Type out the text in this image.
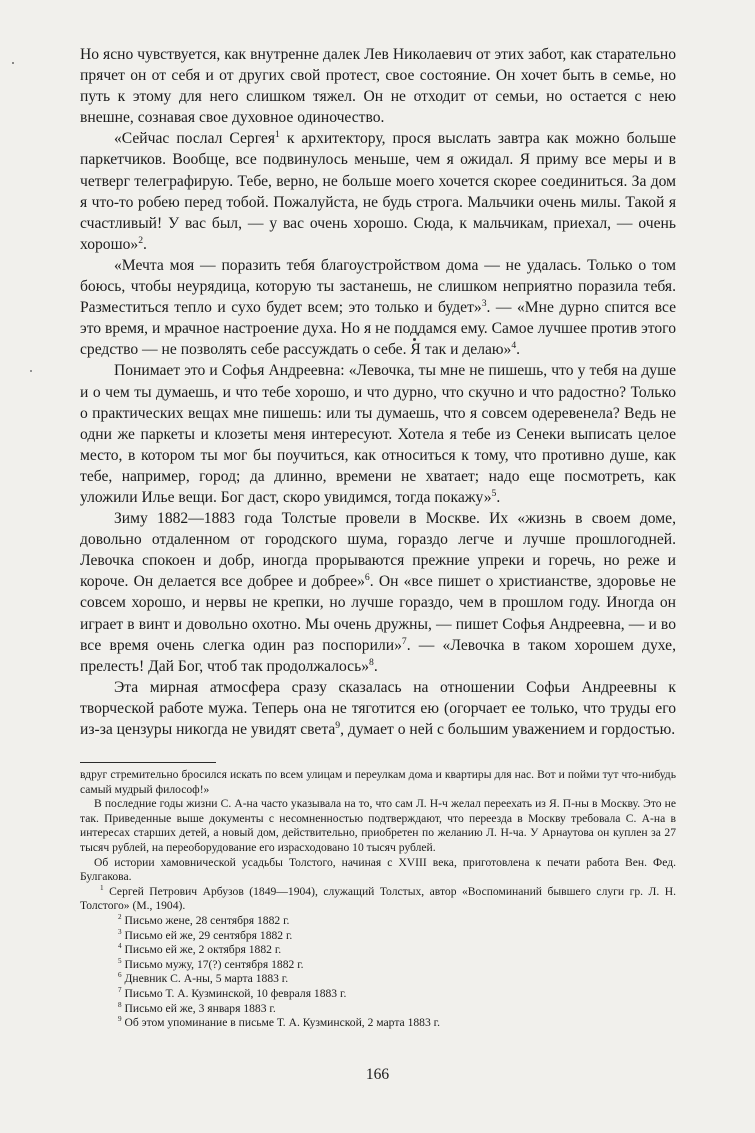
Но ясно чувствуется, как внутренне далек Лев Николаевич от этих забот, как старательно прячет он от себя и от других свой протест, свое состояние. Он хочет быть в семье, но путь к этому для него слишком тяжел. Он не отходит от семьи, но остается с нею внешне, сознавая свое духовное одиночество.

«Сейчас послал Сергея$^1$ к архитектору, прося выслать завтра как можно больше паркетчиков. Вообще, все подвинулось меньше, чем я ожидал. Я приму все меры и в четверг телеграфирую. Тебе, верно, не больше моего хочется скорее соединиться. За дом я что-то робею перед тобой. Пожалуйста, не будь строга. Мальчики очень милы. Такой я счастливый! У вас был, — у вас очень хорошо. Сюда, к мальчикам, приехал, — очень хорошо»$^2$.

«Мечта моя — поразить тебя благоустройством дома — не удалась. Только о том боюсь, чтобы неурядица, которую ты застанешь, не слишком неприятно поразила тебя. Разместиться тепло и сухо будет всем; это только и будет»$^3$. — «Мне дурно спится все это время, и мрачное настроение духа. Но я не поддамся ему. Самое лучшее против этого средство — не позволять себе рассуждать о себе. Я так и делаю»$^4$.

Понимает это и Софья Андреевна: «Левочка, ты мне не пишешь, что у тебя на душе и о чем ты думаешь, и что тебе хорошо, и что дурно, что скучно и что радостно? Только о практических вещах мне пишешь: или ты думаешь, что я совсем одеревенела? Ведь не одни же паркеты и клозеты меня интересуют. Хотела я тебе из Сенеки выписать целое место, в котором ты мог бы поучиться, как относиться к тому, что противно душе, как тебе, например, город; да длинно, времени не хватает; надо еще посмотреть, как уложили Илье вещи. Бог даст, скоро увидимся, тогда покажу»$^5$.

Зиму 1882—1883 года Толстые провели в Москве. Их «жизнь в своем доме, довольно отдаленном от городского шума, гораздо легче и лучше прошлогодней. Левочка спокоен и добр, иногда прорываются прежние упреки и горечь, но реже и короче. Он делается все добрее и добрее»$^6$. Он «все пишет о христианстве, здоровье не совсем хорошо, и нервы не крепки, но лучше гораздо, чем в прошлом году. Иногда он играет в винт и довольно охотно. Мы очень дружны, — пишет Софья Андреевна, — и во все время очень слегка один раз поспорили»$^7$. — «Левочка в таком хорошем духе, прелесть! Дай Бог, чтоб так продолжалось»$^8$.

Эта мирная атмосфера сразу сказалась на отношении Софьи Андреевны к творческой работе мужа. Теперь она не тяготится ею (огорчает ее только, что труды его из-за цензуры никогда не увидят света$^9$, думает о ней с большим уважением и гордостью.

вдруг стремительно бросился искать по всем улицам и переулкам дома и квартиры для нас. Вот и пойми тут что-нибудь самый мудрый философ!»

В последние годы жизни С. А-на часто указывала на то, что сам Л. Н-ч желал переехать из Я. П-ны в Москву. Это не так. Приведенные выше документы с несомненностью подтверждают, что переезда в Москву требовала С. А-на в интересах старших детей, а новый дом, действительно, приобретен по желанию Л. Н-ча. У Арнаутова он куплен за 27 тысяч рублей, на переоборудование его израсходовано 10 тысяч рублей.

Об истории хамовнической усадьбы Толстого, начиная с XVIII века, приготовлена к печати работа Вен. Фед. Булгакова.

$^1$ Сергей Петрович Арбузов (1849—1904), служащий Толстых, автор «Воспоминаний бывшего слуги гр. Л. Н. Толстого» (М., 1904).

$^2$ Письмо жене, 28 сентября 1882 г.

$^3$ Письмо ей же, 29 сентября 1882 г.

$^4$ Письмо ей же, 2 октября 1882 г.

$^5$ Письмо мужу, 17(?) сентября 1882 г.

$^6$ Дневник С. А-ны, 5 марта 1883 г.

$^7$ Письмо Т. А. Кузминской, 10 февраля 1883 г.

$^8$ Письмо ей же, 3 января 1883 г.

$^9$ Об этом упоминание в письме Т. А. Кузминской, 2 марта 1883 г.

166
